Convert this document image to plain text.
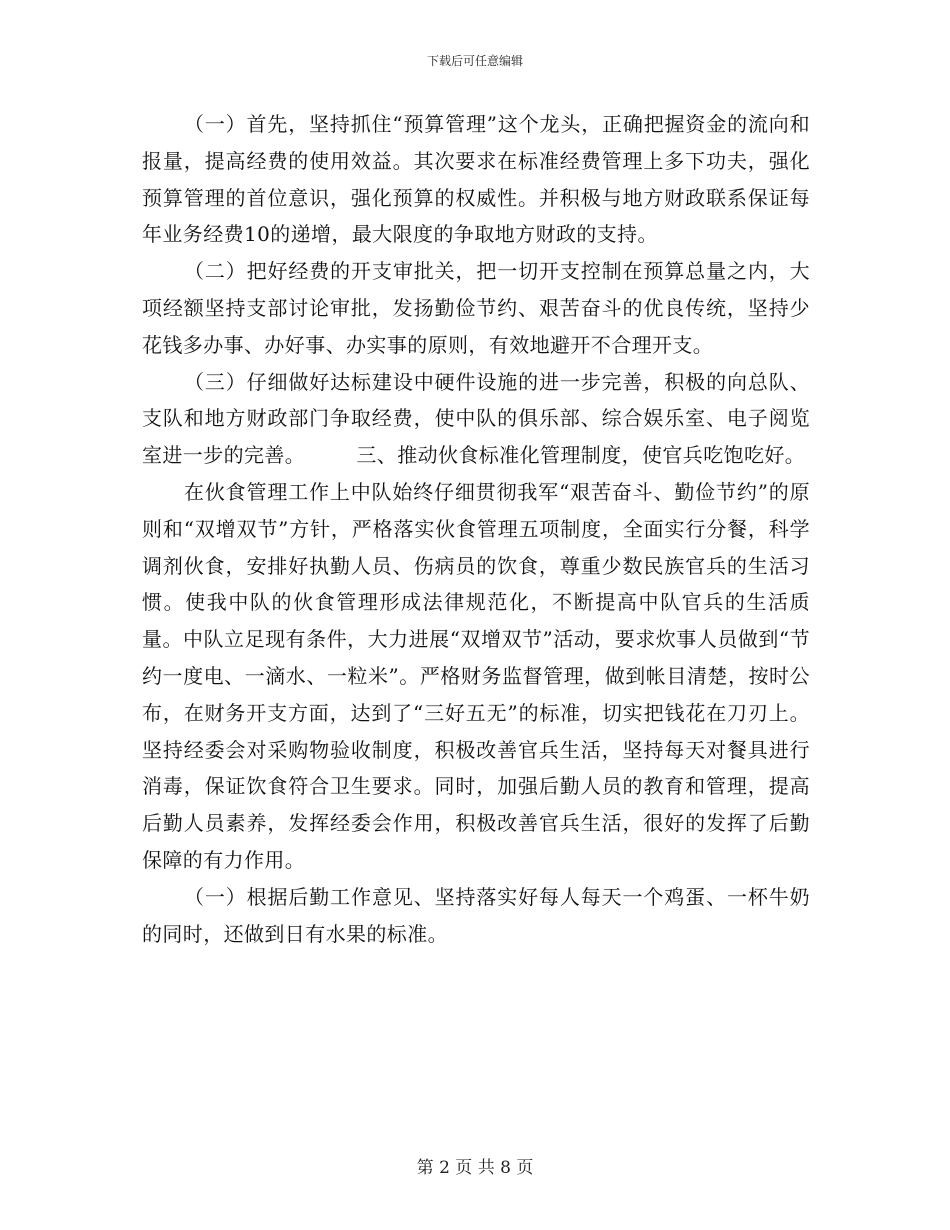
下载后可任意编辑

（一）首先，坚持抓住“预算管理”这个龙头，正确把握资金的流向和报量，提高经费的使用效益。其次要求在标准经费管理上多下功夫，强化预算管理的首位意识，强化预算的权威性。并积极与地方财政联系保证每年业务经费10的递增，最大限度的争取地方财政的支持。

（二）把好经费的开支审批关，把一切开支控制在预算总量之内，大项经额坚持支部讨论审批，发扬勤俭节约、艰苦奋斗的优良传统，坚持少花钱多办事、办好事、办实事的原则，有效地避开不合理开支。

（三）仔细做好达标建设中硬件设施的进一步完善，积极的向总队、支队和地方财政部门争取经费，使中队的俱乐部、综合娱乐室、电子阅览室进一步的完善。　　　三、推动伙食标准化管理制度，使官兵吃饱吃好。

在伙食管理工作上中队始终仔细贯彻我军“艰苦奋斗、勤俭节约”的原则和“双增双节”方针，严格落实伙食管理五项制度，全面实行分餐，科学调剂伙食，安排好执勤人员、伤病员的饮食，尊重少数民族官兵的生活习惯。使我中队的伙食管理形成法律规范化，不断提高中队官兵的生活质量。中队立足现有条件，大力进展“双增双节”活动，要求炊事人员做到“节约一度电、一滴水、一粒米”。严格财务监督管理，做到帐目清楚，按时公布，在财务开支方面，达到了“三好五无”的标准，切实把钱花在刀刃上。坚持经委会对采购物验收制度，积极改善官兵生活，坚持每天对餐具进行消毒，保证饮食符合卫生要求。同时，加强后勤人员的教育和管理，提高后勤人员素养，发挥经委会作用，积极改善官兵生活，很好的发挥了后勤保障的有力作用。

（一）根据后勤工作意见、坚持落实好每人每天一个鸡蛋、一杯牛奶的同时，还做到日有水果的标准。

第 2 页 共 8 页
